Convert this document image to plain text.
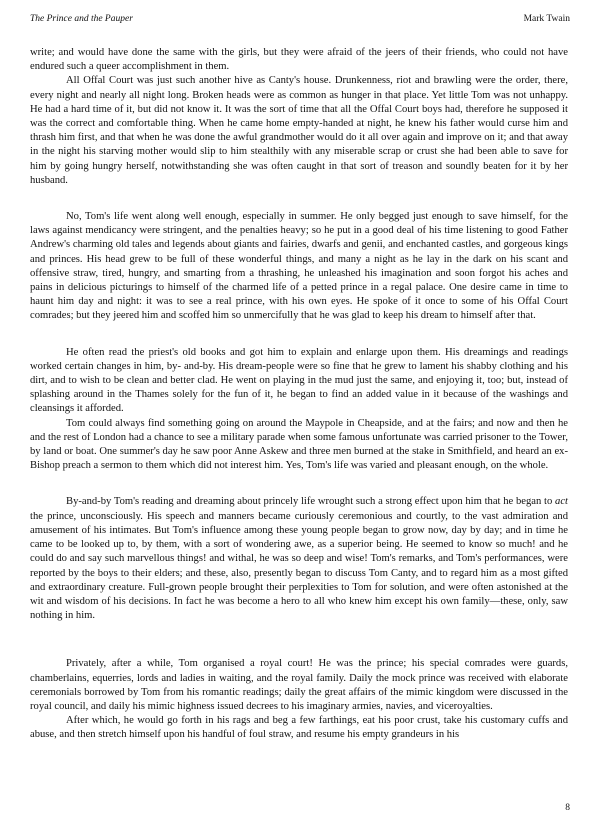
The Prince and the Pauper	Mark Twain

write; and would have done the same with the girls, but they were afraid of the jeers of their friends, who could not have endured such a queer accomplishment in them.

All Offal Court was just such another hive as Canty's house. Drunkenness, riot and brawling were the order, there, every night and nearly all night long. Broken heads were as common as hunger in that place. Yet little Tom was not unhappy. He had a hard time of it, but did not know it. It was the sort of time that all the Offal Court boys had, therefore he supposed it was the correct and comfortable thing. When he came home empty-handed at night, he knew his father would curse him and thrash him first, and that when he was done the awful grandmother would do it all over again and improve on it; and that away in the night his starving mother would slip to him stealthily with any miserable scrap or crust she had been able to save for him by going hungry herself, notwithstanding she was often caught in that sort of treason and soundly beaten for it by her husband.

No, Tom's life went along well enough, especially in summer. He only begged just enough to save himself, for the laws against mendicancy were stringent, and the penalties heavy; so he put in a good deal of his time listening to good Father Andrew's charming old tales and legends about giants and fairies, dwarfs and genii, and enchanted castles, and gorgeous kings and princes. His head grew to be full of these wonderful things, and many a night as he lay in the dark on his scant and offensive straw, tired, hungry, and smarting from a thrashing, he unleashed his imagination and soon forgot his aches and pains in delicious picturings to himself of the charmed life of a petted prince in a regal palace. One desire came in time to haunt him day and night: it was to see a real prince, with his own eyes. He spoke of it once to some of his Offal Court comrades; but they jeered him and scoffed him so unmercifully that he was glad to keep his dream to himself after that.

He often read the priest's old books and got him to explain and enlarge upon them. His dreamings and readings worked certain changes in him, by- and-by. His dream-people were so fine that he grew to lament his shabby clothing and his dirt, and to wish to be clean and better clad. He went on playing in the mud just the same, and enjoying it, too; but, instead of splashing around in the Thames solely for the fun of it, he began to find an added value in it because of the washings and cleansings it afforded.

Tom could always find something going on around the Maypole in Cheapside, and at the fairs; and now and then he and the rest of London had a chance to see a military parade when some famous unfortunate was carried prisoner to the Tower, by land or boat. One summer's day he saw poor Anne Askew and three men burned at the stake in Smithfield, and heard an ex-Bishop preach a sermon to them which did not interest him. Yes, Tom's life was varied and pleasant enough, on the whole.

By-and-by Tom's reading and dreaming about princely life wrought such a strong effect upon him that he began to act the prince, unconsciously. His speech and manners became curiously ceremonious and courtly, to the vast admiration and amusement of his intimates. But Tom's influence among these young people began to grow now, day by day; and in time he came to be looked up to, by them, with a sort of wondering awe, as a superior being. He seemed to know so much! and he could do and say such marvellous things! and withal, he was so deep and wise! Tom's remarks, and Tom's performances, were reported by the boys to their elders; and these, also, presently began to discuss Tom Canty, and to regard him as a most gifted and extraordinary creature. Full-grown people brought their perplexities to Tom for solution, and were often astonished at the wit and wisdom of his decisions. In fact he was become a hero to all who knew him except his own family—these, only, saw nothing in him.

Privately, after a while, Tom organised a royal court! He was the prince; his special comrades were guards, chamberlains, equerries, lords and ladies in waiting, and the royal family. Daily the mock prince was received with elaborate ceremonials borrowed by Tom from his romantic readings; daily the great affairs of the mimic kingdom were discussed in the royal council, and daily his mimic highness issued decrees to his imaginary armies, navies, and viceroyalties.

After which, he would go forth in his rags and beg a few farthings, eat his poor crust, take his customary cuffs and abuse, and then stretch himself upon his handful of foul straw, and resume his empty grandeurs in his

8
